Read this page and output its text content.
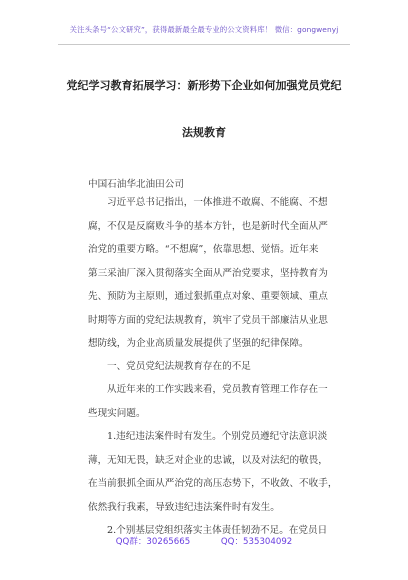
关注头条号“公文研究”，获得最新最全最专业的公文资料库！ 微信：gongwenyj
党纪学习教育拓展学习：新形势下企业如何加强党员党纪
法规教育
中国石油华北油田公司
习近平总书记指出，一体推进不敢腐、不能腐、不想
腐，不仅是反腐败斗争的基本方针，也是新时代全面从严
治党的重要方略。“不想腐”，依靠思想、觉悟。近年来
第三采油厂深入贯彻落实全面从严治党要求，坚持教育为
先、预防为主原则，通过狠抓重点对象、重要领域、重点
时期等方面的党纪法规教育，筑牢了党员干部廉洁从业思
想防线，为企业高质量发展提供了坚强的纪律保障。
一、党员党纪法规教育存在的不足
从近年来的工作实践来看，党员教育管理工作存在一
些现实问题。
1.违纪违法案件时有发生。个别党员遵纪守法意识淡
薄，无知无畏，缺乏对企业的忠诚，以及对法纪的敬畏，
在当前狠抓全面从严治党的高压态势下，不收敛、不收手，
依然我行我素，导致违纪违法案件时有发生。
2.个别基层党组织落实主体责任韧劲不足。在党员日
QQ群：30265665	QQ：535304092
